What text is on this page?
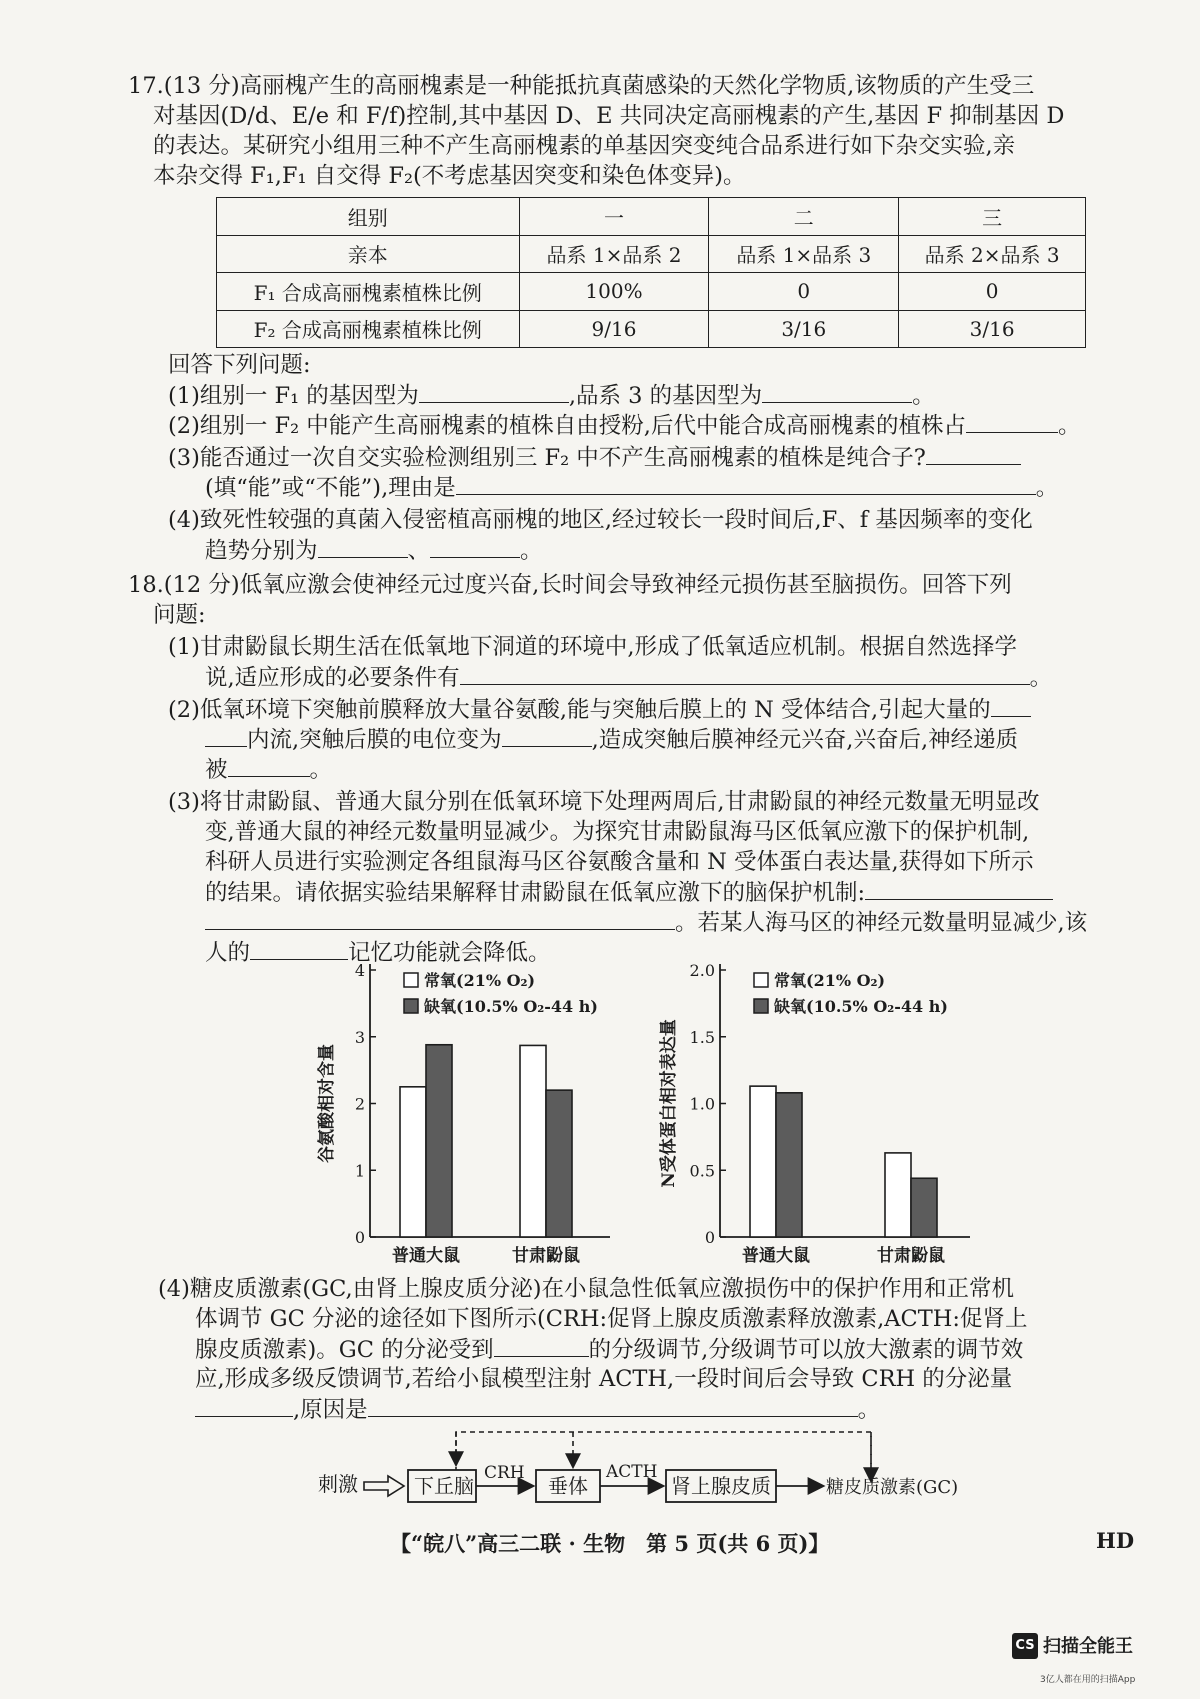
17.(13 分)高丽槐产生的高丽槐素是一种能抵抗真菌感染的天然化学物质,该物质的产生受三
对基因(D/d、E/e 和 F/f)控制,其中基因 D、E 共同决定高丽槐素的产生,基因 F 抑制基因 D
的表达。某研究小组用三种不产生高丽槐素的单基因突变纯合品系进行如下杂交实验,亲
本杂交得 F₁,F₁ 自交得 F₂(不考虑基因突变和染色体变异)。
组别	一	二	三
亲本	品系 1×品系 2	品系 1×品系 3	品系 2×品系 3
F₁ 合成高丽槐素植株比例	100%	0	0
F₂ 合成高丽槐素植株比例	9/16	3/16	3/16
回答下列问题:
(1)组别一 F₁ 的基因型为	,品系 3 的基因型为	。
(2)组别一 F₂ 中能产生高丽槐素的植株自由授粉,后代中能合成高丽槐素的植株占	。
(3)能否通过一次自交实验检测组别三 F₂ 中不产生高丽槐素的植株是纯合子?
(填“能”或“不能”),理由是	。
(4)致死性较强的真菌入侵密植高丽槐的地区,经过较长一段时间后,F、f 基因频率的变化
趋势分别为	、	。
18.(12 分)低氧应激会使神经元过度兴奋,长时间会导致神经元损伤甚至脑损伤。回答下列
问题:
(1)甘肃鼢鼠长期生活在低氧地下洞道的环境中,形成了低氧适应机制。根据自然选择学
说,适应形成的必要条件有	。
(2)低氧环境下突触前膜释放大量谷氨酸,能与突触后膜上的 N 受体结合,引起大量的
内流,突触后膜的电位变为	,造成突触后膜神经元兴奋,兴奋后,神经递质
被	。
(3)将甘肃鼢鼠、普通大鼠分别在低氧环境下处理两周后,甘肃鼢鼠的神经元数量无明显改
变,普通大鼠的神经元数量明显减少。为探究甘肃鼢鼠海马区低氧应激下的保护机制,
科研人员进行实验测定各组鼠海马区谷氨酸含量和 N 受体蛋白表达量,获得如下所示
的结果。请依据实验结果解释甘肃鼢鼠在低氧应激下的脑保护机制:
。若某人海马区的神经元数量明显减少,该
人的	记忆功能就会降低。
0
1
2
3
4
谷氨酸相对含量
普通大鼠	甘肃鼢鼠
常氧(21% O₂)
缺氧(10.5% O₂-44 h)
0
0.5
1.0
1.5
2.0
N受体蛋白相对表达量
普通大鼠	甘肃鼢鼠
常氧(21% O₂)
缺氧(10.5% O₂-44 h)
(4)糖皮质激素(GC,由肾上腺皮质分泌)在小鼠急性低氧应激损伤中的保护作用和正常机
体调节 GC 分泌的途径如下图所示(CRH:促肾上腺皮质激素释放激素,ACTH:促肾上
腺皮质激素)。GC 的分泌受到	的分级调节,分级调节可以放大激素的调节效
应,形成多级反馈调节,若给小鼠模型注射 ACTH,一段时间后会导致 CRH 的分泌量
,原因是	。
刺激	下丘脑
CRH
垂体
ACTH
肾上腺皮质	糖皮质激素(GC)
【“皖八”高三二联 · 生物　第 5 页(共 6 页)】	HD
CS 扫描全能王
3亿人都在用的扫描App
